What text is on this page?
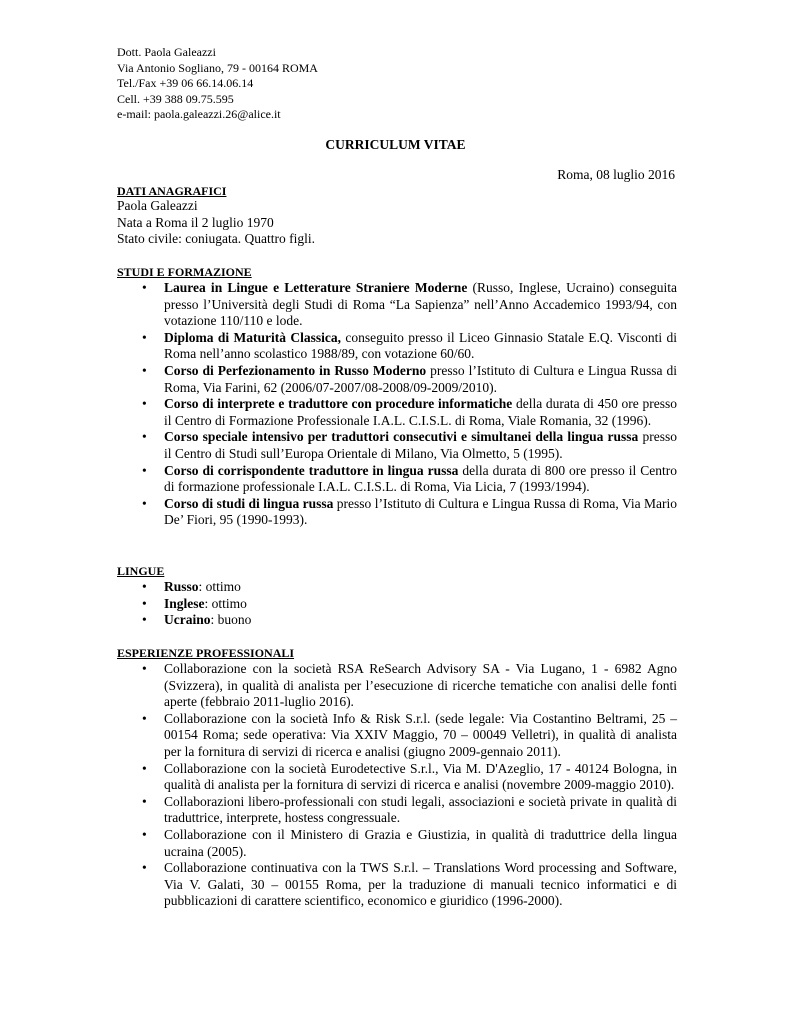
Dott. Paola Galeazzi
Via Antonio Sogliano, 79 - 00164 ROMA
Tel./Fax +39 06 66.14.06.14
Cell. +39 388 09.75.595
e-mail: paola.galeazzi.26@alice.it
CURRICULUM VITAE
Roma, 08 luglio 2016
DATI ANAGRAFICI
Paola Galeazzi
Nata a Roma il 2 luglio 1970
Stato civile: coniugata. Quattro figli.
STUDI E FORMAZIONE
• Laurea in Lingue e Letterature Straniere Moderne (Russo, Inglese, Ucraino) conseguita presso l’Università degli Studi di Roma “La Sapienza” nell’Anno Accademico 1993/94, con votazione 110/110 e lode.
• Diploma di Maturità Classica, conseguito presso il Liceo Ginnasio Statale E.Q. Visconti di Roma nell’anno scolastico 1988/89, con votazione 60/60.
• Corso di Perfezionamento in Russo Moderno presso l’Istituto di Cultura e Lingua Russa di Roma, Via Farini, 62 (2006/07-2007/08-2008/09-2009/2010).
• Corso di interprete e traduttore con procedure informatiche della durata di 450 ore presso il Centro di Formazione Professionale I.A.L. C.I.S.L. di Roma, Viale Romania, 32 (1996).
• Corso speciale intensivo per traduttori consecutivi e simultanei della lingua russa presso il Centro di Studi sull’Europa Orientale di Milano, Via Olmetto, 5 (1995).
• Corso di corrispondente traduttore in lingua russa della durata di 800 ore presso il Centro di formazione professionale I.A.L. C.I.S.L. di Roma, Via Licia, 7 (1993/1994).
• Corso di studi di lingua russa presso l’Istituto di Cultura e Lingua Russa di Roma, Via Mario De’ Fiori, 95 (1990-1993).
LINGUE
• Russo: ottimo
• Inglese: ottimo
• Ucraino: buono
ESPERIENZE PROFESSIONALI
• Collaborazione con la società RSA ReSearch Advisory SA - Via Lugano, 1 - 6982 Agno (Svizzera), in qualità di analista per l’esecuzione di ricerche tematiche con analisi delle fonti aperte (febbraio 2011-luglio 2016).
• Collaborazione con la società Info & Risk S.r.l. (sede legale: Via Costantino Beltrami, 25 – 00154 Roma; sede operativa: Via XXIV Maggio, 70 – 00049 Velletri), in qualità di analista per la fornitura di servizi di ricerca e analisi (giugno 2009-gennaio 2011).
• Collaborazione con la società Eurodetective S.r.l., Via M. D'Azeglio, 17 - 40124 Bologna, in qualità di analista per la fornitura di servizi di ricerca e analisi (novembre 2009-maggio 2010).
• Collaborazioni libero-professionali con studi legali, associazioni e società private in qualità di traduttrice, interprete, hostess congressuale.
• Collaborazione con il Ministero di Grazia e Giustizia, in qualità di traduttrice della lingua ucraina (2005).
• Collaborazione continuativa con la TWS S.r.l. – Translations Word processing and Software, Via V. Galati, 30 – 00155 Roma, per la traduzione di manuali tecnico informatici e di pubblicazioni di carattere scientifico, economico e giuridico (1996-2000).
